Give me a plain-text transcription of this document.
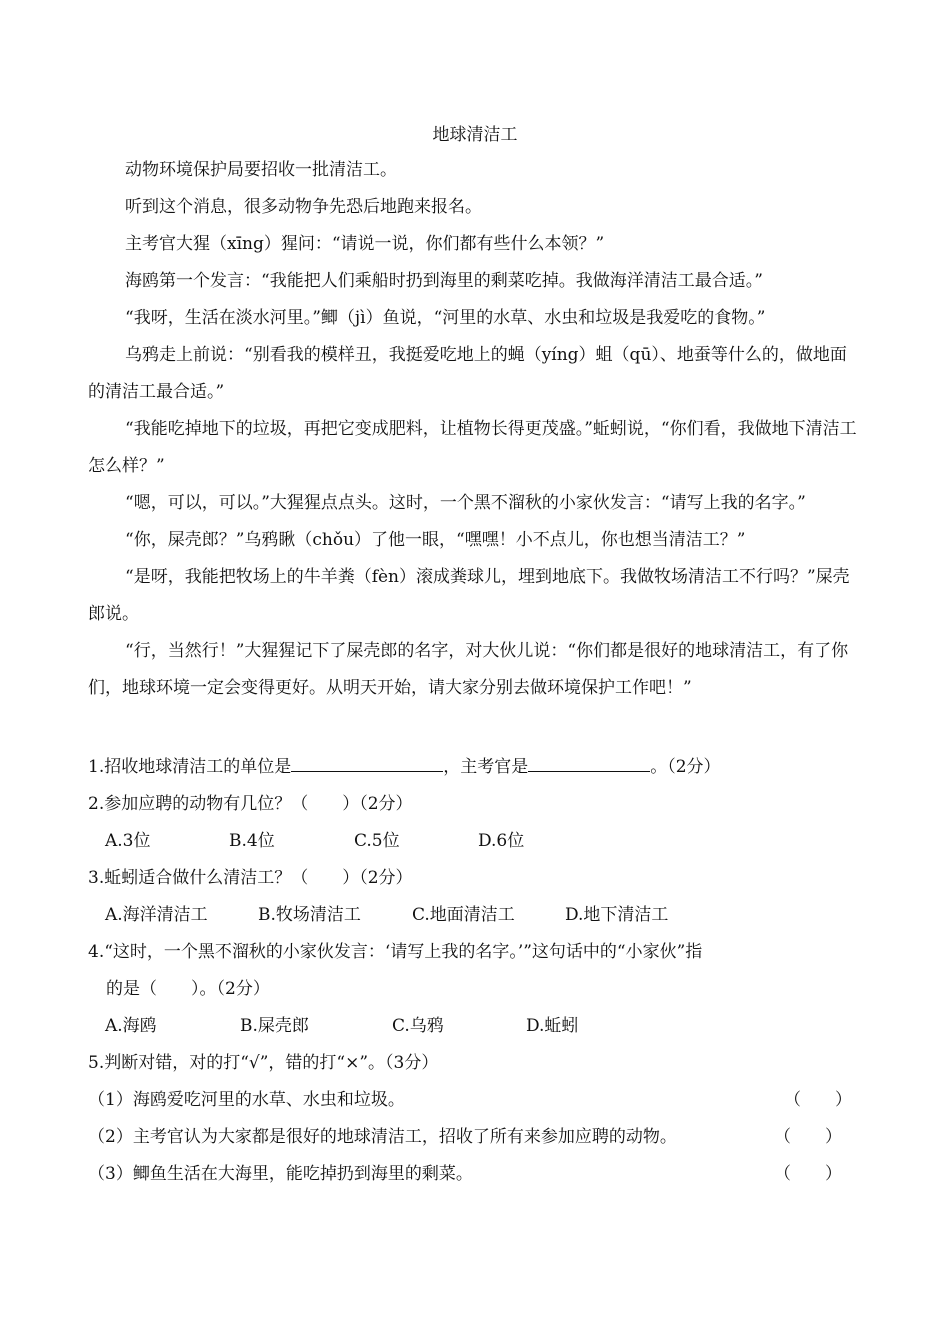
地球清洁工

动物环境保护局要招收一批清洁工。

听到这个消息，很多动物争先恐后地跑来报名。

主考官大猩（xīng）猩问：“请说一说，你们都有些什么本领？”

海鸥第一个发言：“我能把人们乘船时扔到海里的剩菜吃掉。我做海洋清洁工最合适。”

“我呀，生活在淡水河里。”鲫（jì）鱼说，“河里的水草、水虫和垃圾是我爱吃的食物。”

乌鸦走上前说：“别看我的模样丑，我挺爱吃地上的蝇（yíng）蛆（qū）、地蚕等什么的，做地面的清洁工最合适。”

“我能吃掉地下的垃圾，再把它变成肥料，让植物长得更茂盛。”蚯蚓说，“你们看，我做地下清洁工怎么样？”

“嗯，可以，可以。”大猩猩点点头。这时，一个黑不溜秋的小家伙发言：“请写上我的名字。”

“你，屎壳郎？”乌鸦瞅（chǒu）了他一眼，“嘿嘿！小不点儿，你也想当清洁工？”

“是呀，我能把牧场上的牛羊粪（fèn）滚成粪球儿，埋到地底下。我做牧场清洁工不行吗？”屎壳郎说。

“行，当然行！”大猩猩记下了屎壳郎的名字，对大伙儿说：“你们都是很好的地球清洁工，有了你们，地球环境一定会变得更好。从明天开始，请大家分别去做环境保护工作吧！”

1.招收地球清洁工的单位是	，主考官是	。（2分）

2.参加应聘的动物有几位？（　　）（2分）

A.3位	B.4位	C.5位	D.6位

3.蚯蚓适合做什么清洁工？（　　）（2分）

A.海洋清洁工	B.牧场清洁工	C.地面清洁工	D.地下清洁工

4.“这时，一个黑不溜秋的小家伙发言：‘请写上我的名字。’”这句话中的“小家伙”指

的是（　　）。（2分）

A.海鸥	B.屎壳郎	C.乌鸦	D.蚯蚓

5.判断对错，对的打“√”，错的打“×”。（3分）

（1）海鸥爱吃河里的水草、水虫和垃圾。	（　　）

（2）主考官认为大家都是很好的地球清洁工，招收了所有来参加应聘的动物。	（　　）

（3）鲫鱼生活在大海里，能吃掉扔到海里的剩菜。	（　　）
